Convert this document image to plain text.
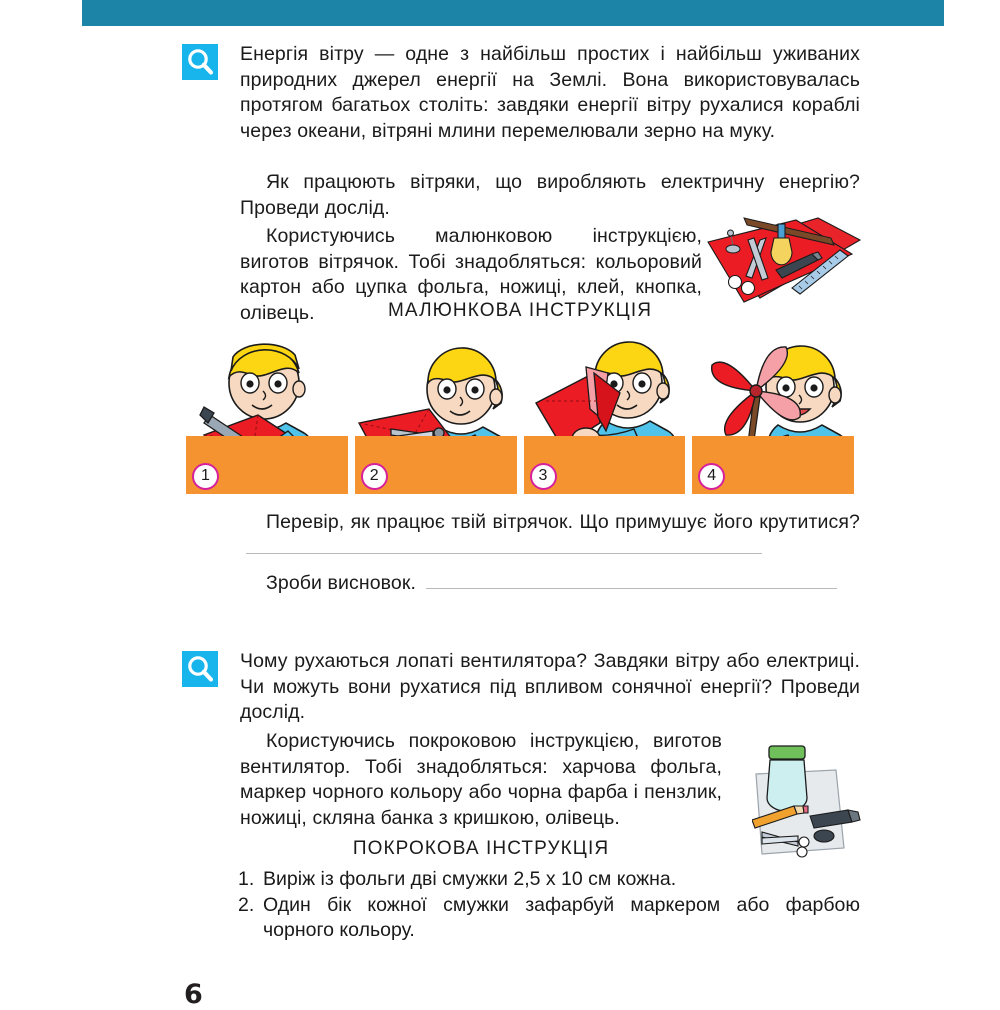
Енергія вітру — одне з найбільш простих і найбільш уживаних природних джерел енергії на Землі. Вона використовувалась протягом багатьох століть: завдяки енергії вітру рухалися кораблі через океани, вітряні млини перемелювали зерно на муку.
Як працюють вітряки, що виробляють електричну енергію? Проведи дослід.
Користуючись малюнковою інструкцією, виготов вітрячок. Тобі знадобляться: кольоровий картон або цупка фольга, ножиці, клей, кнопка, олівець.	МАЛЮНКОВА ІНСТРУКЦІЯ
1	2	3	4
Перевір, як працює твій вітрячок. Що примушує його крутитися?
Зроби висновок.
Чому рухаються лопаті вентилятора? Завдяки вітру або електриці. Чи можуть вони рухатися під впливом сонячної енергії? Проведи дослід.
Користуючись покроковою інструкцією, виготов вентилятор. Тобі знадобляться: харчова фольга, маркер чорного кольору або чорна фарба і пензлик, ножиці, скляна банка з кришкою, олівець.
ПОКРОКОВА ІНСТРУКЦІЯ
1. Виріж із фольги дві смужки 2,5 х 10 см кожна.
2. Один бік кожної смужки зафарбуй маркером або фарбою чорного кольору.
6
